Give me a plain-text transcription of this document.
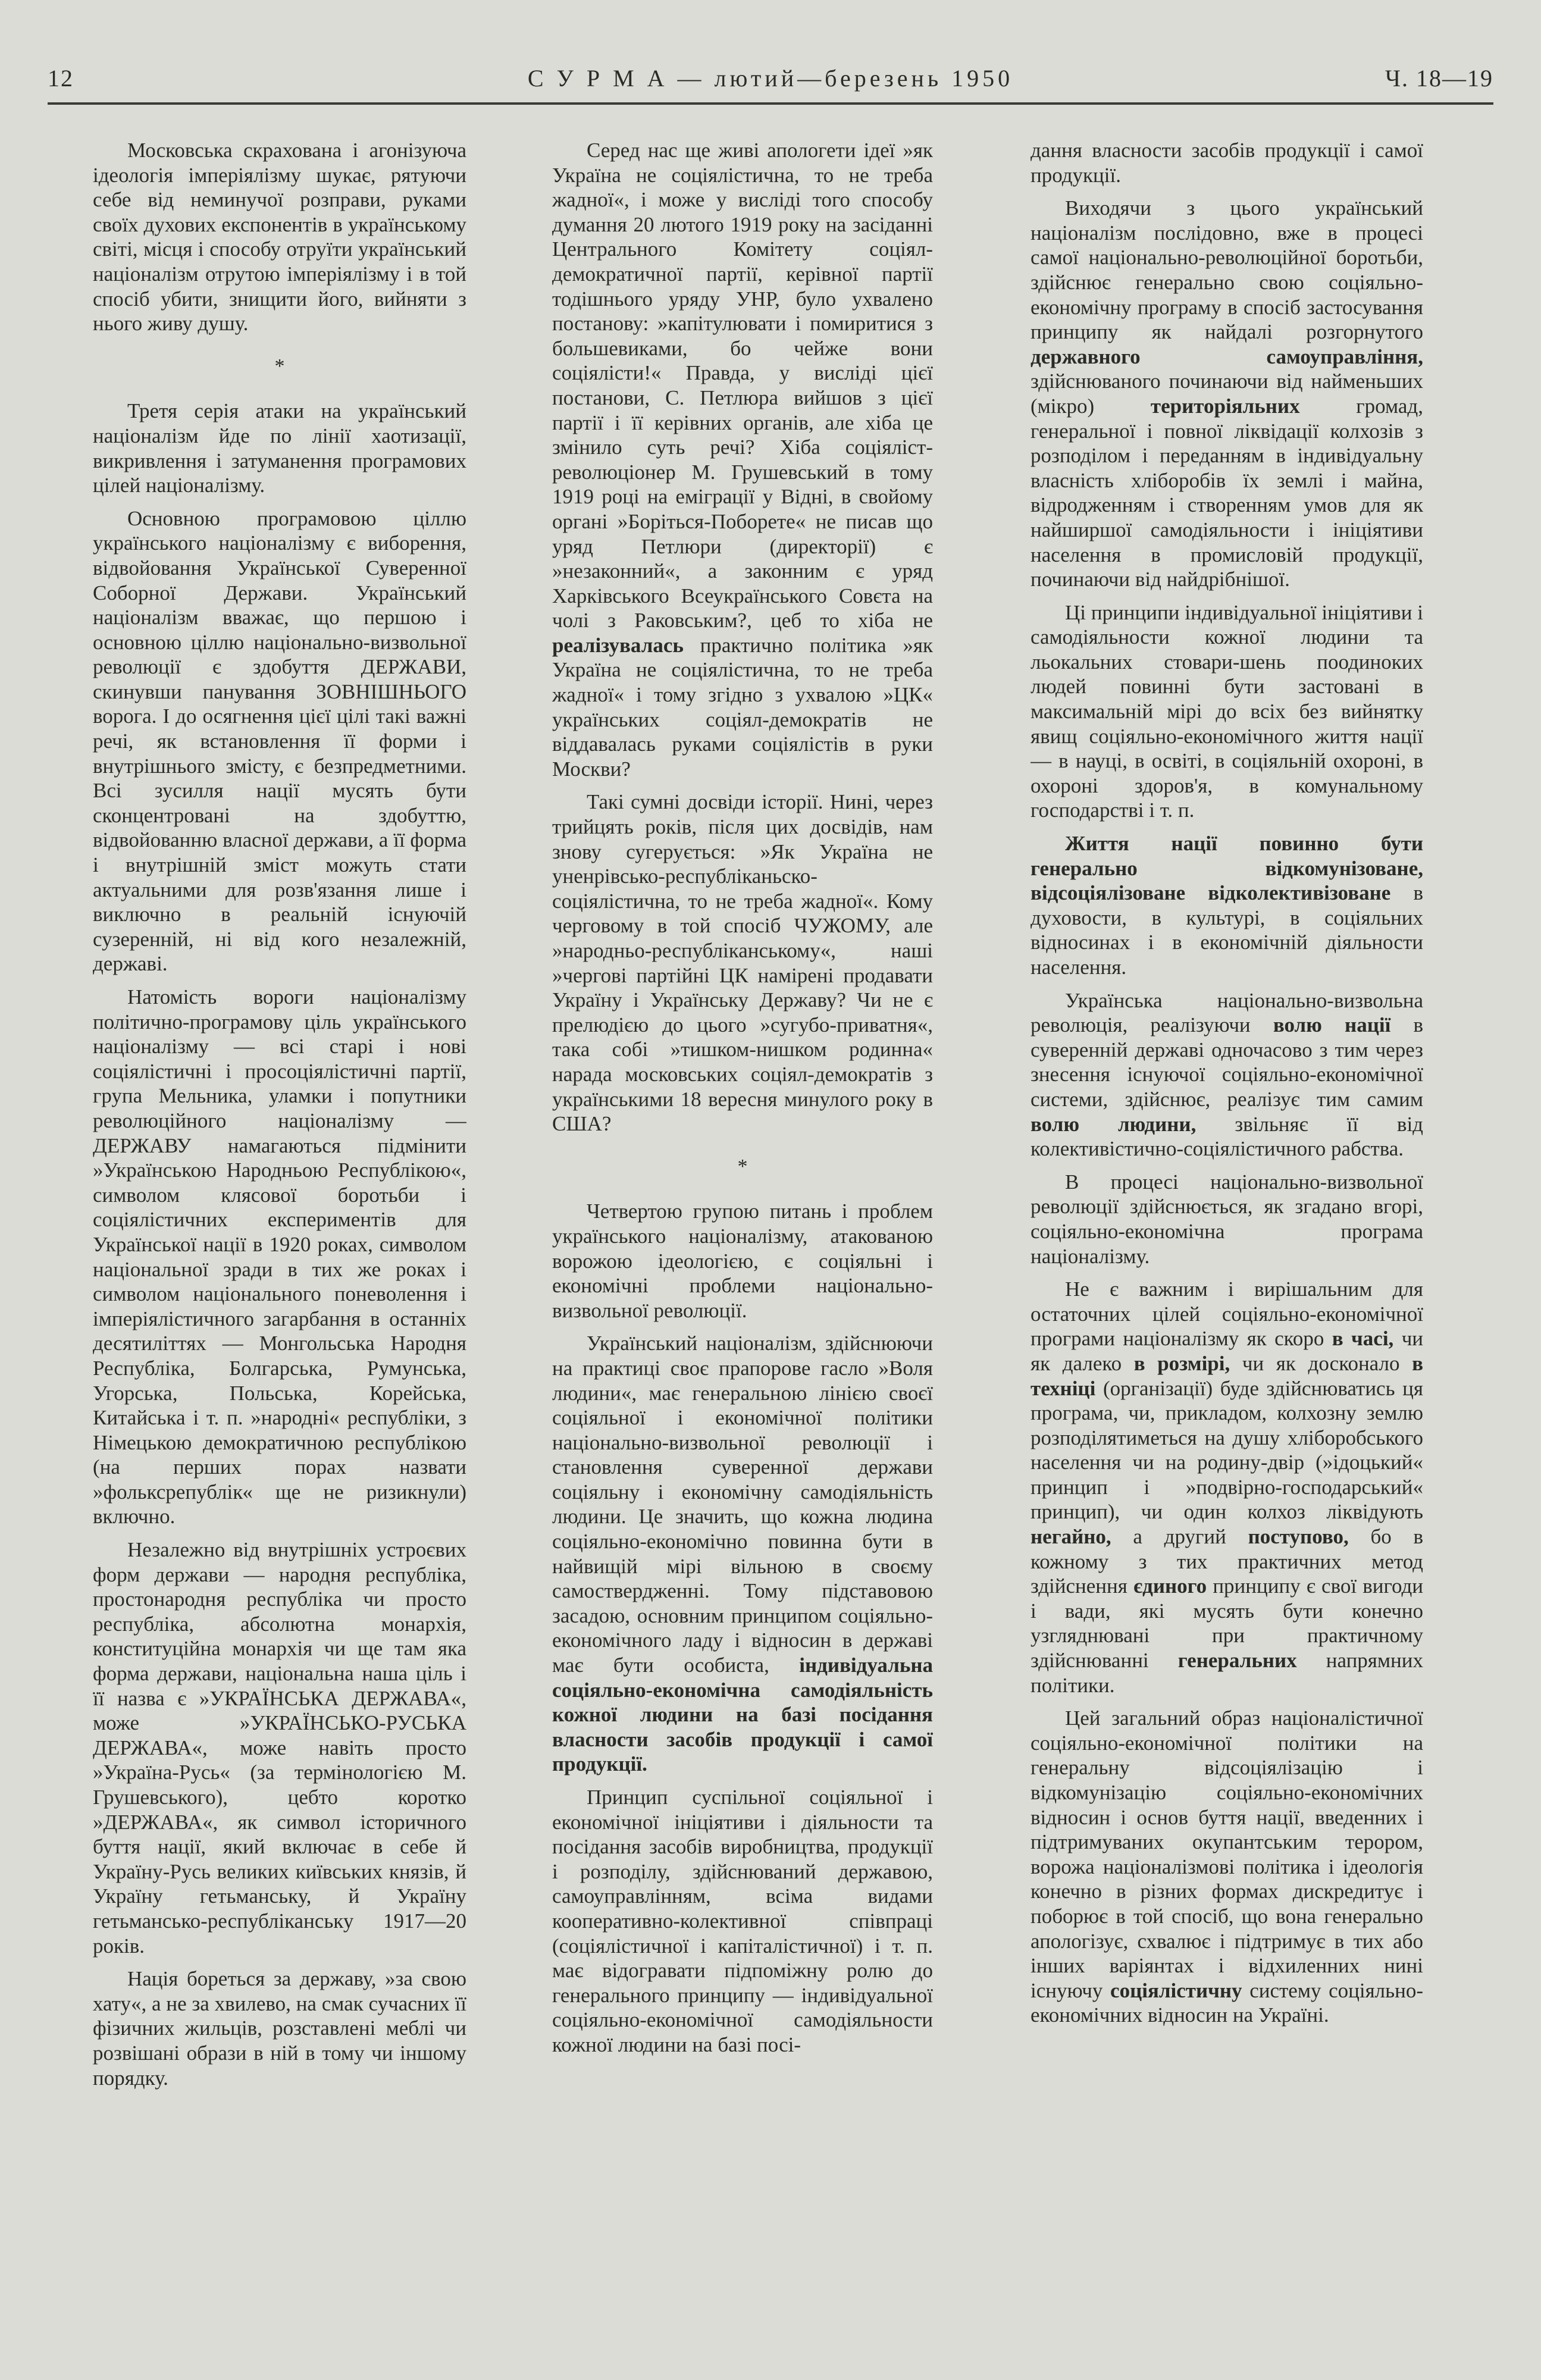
12	С У Р М А — лютий—березень 1950	Ч. 18—19

Московська скрахована і агонізуюча ідеологія імперіялізму шукає, рятуючи себе від неминучої розправи, руками своїх духових експонентів в українському світі, місця і способу отруїти український націоналізм отрутою імперіялізму і в той спосіб убити, знищити його, вийняти з нього живу душу.

*

Третя серія атаки на український націоналізм йде по лінії хаотизації, викривлення і затуманення програмових цілей націоналізму.

Основною програмовою ціллю українського націоналізму є виборення, відвойовання Української Суверенної Соборної Держави. Український націоналізм вважає, що першою і основною ціллю національно-визвольної революції є здобуття ДЕРЖАВИ, скинувши панування ЗОВНІШНЬОГО ворога. І до осягнення цієї цілі такі важні речі, як встановлення її форми і внутрішнього змісту, є безпредметними. Всі зусилля нації мусять бути сконцентровані на здобуттю, відвойованню власної держави, а її форма і внутрішній зміст можуть стати актуальними для розв'язання лише і виключно в реальній існуючій сузеренній, ні від кого незалежній, державі.

Натомість вороги націоналізму політично-програмову ціль українського націоналізму — всі старі і нові соціялістичні і просоціялістичні партії, група Мельника, уламки і попутники революційного націоналізму — ДЕРЖАВУ намагаються підмінити »Українською Народньою Республікою«, символом клясової боротьби і соціялістичних експериментів для Української нації в 1920 роках, символом національної зради в тих же роках і символом національного поневолення і імперіялістичного загарбання в останніх десятиліттях — Монгольська Народня Республіка, Болгарська, Румунська, Угорська, Польська, Корейська, Китайська і т. п. »народні« республіки, з Німецькою демократичною республікою (на перших порах назвати »фольксрепублік« ще не ризикнули) включно.

Незалежно від внутрішніх устроєвих форм держави — народня республіка, простонародня республіка чи просто республіка, абсолютна монархія, конституційна монархія чи ще там яка форма держави, національна наша ціль і її назва є »УКРАЇНСЬКА ДЕРЖАВА«, може »УКРАЇНСЬКО-РУСЬКА ДЕРЖАВА«, може навіть просто »Україна-Русь« (за термінологією М. Грушевського), цебто коротко »ДЕРЖАВА«, як символ історичного буття нації, який включає в себе й Україну-Русь великих київських князів, й Україну гетьманську, й Україну гетьмансько-республіканську 1917—20 років.

Нація бореться за державу, »за свою хату«, а не за хвилево, на смак сучасних її фізичних жильців, розставлені меблі чи розвішані образи в ній в тому чи іншому порядку.

Серед нас ще живі апологети ідеї »як Україна не соціялістична, то не треба жадної«, і може у висліді того способу думання 20 лютого 1919 року на засіданні Центрального Комітету соціял-демократичної партії, керівної партії тодішнього уряду УНР, було ухвалено постанову: »капітулювати і помиритися з большевиками, бо чейже вони соціялісти!« Правда, у висліді цієї постанови, С. Петлюра вийшов з цієї партії і її керівних органів, але хіба це змінило суть речі? Хіба соціяліст-революціонер М. Грушевський в тому 1919 році на еміграції у Відні, в свойому органі »Боріться-Поборете« не писав що уряд Петлюри (директорії) є »незаконний«, а законним є уряд Харківського Всеукраїнського Совєта на чолі з Раковським?, цеб то хіба не реалізувалась практично політика »як Україна не соціялістична, то не треба жадної« і тому згідно з ухвалою »ЦК« українських соціял-демократів не віддавалась руками соціялістів в руки Москви?

Такі сумні досвіди історії. Нині, через трийцять років, після цих досвідів, нам знову сугерується: »Як Україна не уненрівсько-республіканьско-соціялістична, то не треба жадної«. Кому черговому в той спосіб ЧУЖОМУ, але »народньо-республіканському«, наші »чергові партійні ЦК намірені продавати Україну і Українську Державу? Чи не є прелюдією до цього »сугубо-приватня«, така собі »тишком-нишком родинна« нарада московських соціял-демократів з українськими 18 вересня минулого року в США?

*

Четвертою групою питань і проблем українського націоналізму, атакованою ворожою ідеологією, є соціяльні і економічні проблеми національно-визвольної революції.

Український націоналізм, здійснюючи на практиці своє прапорове гасло »Воля людини«, має генеральною лінією своєї соціяльної і економічної політики національно-визвольної революції і становлення суверенної держави соціяльну і економічну самодіяльність людини. Це значить, що кожна людина соціяльно-економічно повинна бути в найвищій мірі вільною в своєму самоствердженні. Тому підставовою засадою, основним принципом соціяльно-економічного ладу і відносин в державі має бути особиста, індивідуальна соціяльно-економічна самодіяльність кожної людини на базі посідання власности засобів продукції і самої продукції.

Принцип суспільної соціяльної і економічної ініціятиви і діяльности та посідання засобів виробництва, продукції і розподілу, здійснюваний державою, самоуправлінням, всіма видами кооперативно-колективної співпраці (соціялістичної і капіталістичної) і т. п. має відогравати підпоміжну ролю до генерального принципу — індивідуальної соціяльно-економічної самодіяльности кожної людини на базі посі-

дання власности засобів продукції і самої продукції.

Виходячи з цього український націоналізм послідовно, вже в процесі самої національно-революційної боротьби, здійснює генерально свою соціяльно-економічну програму в спосіб застосування принципу як найдалі розгорнутого державного самоуправління, здійснюваного починаючи від найменьших (мікро)	територіяльних	громад, генеральної і повної ліквідації колхозів з розподілом і переданням в індивідуальну власність хліборобів їх землі і майна, відродженням і створенням умов для як найширшої самодіяльности і ініціятиви населення в промисловій продукції, починаючи від найдрібнішої.

Ці принципи індивідуальної ініціятиви і самодіяльности кожної людини та льокальних стовари-шень поодиноких людей повинні бути застовані в максимальній мірі до всіх без вийнятку явищ соціяльно-економічного життя нації — в науці, в освіті, в соціяльній охороні, в охороні здоров'я, в комунальному господарстві і т. п.

Життя нації повинно бути генерально відкомунізоване, відсоціялізоване відколективізоване в духовости, в культурі, в соціяльних відносинах і в економічній діяльности населення.

Українська національно-визвольна революція, реалізуючи волю нації в суверенній державі одночасово з тим через знесення існуючої соціяльно-економічної системи, здійснює, реалізує тим самим волю людини, звільняє її від колективістично-соціялістичного рабства.

В процесі національно-визвольної революції здійснюється, як згадано вгорі, соціяльно-економічна програма націоналізму.

Не є важним і вирішальним для остаточних цілей соціяльно-економічної програми націоналізму як скоро в часі, чи як далеко в розмірі, чи як досконало в техніці (організації) буде здійснюватись ця програма, чи, прикладом, колхозну землю розподілятиметься на душу хліборобського населення чи на родину-двір (»ідоцький« принцип і »подвірно-господарський« принцип), чи один колхоз ліквідують негайно, а другий поступово, бо в кожному з тих практичних метод здійснення єдиного принципу є свої вигоди і вади, які мусять бути конечно узгляднювані при практичному здійснюванні генеральних напрямних політики.

Цей загальний образ націоналістичної соціяльно-економічної політики на генеральну відсоціялізацію і відкомунізацію соціяльно-економічних відносин і основ буття нації, введенних і підтримуваних окупантським терором, ворожа націоналізмові політика і ідеологія конечно в різних формах дискредитує і поборює в той спосіб, що вона генерально апологізує, схвалює і підтримує в тих або інших варіянтах і відхиленних нині існуючу соціялістичну систему соціяльно-економічних відносин на Україні.
